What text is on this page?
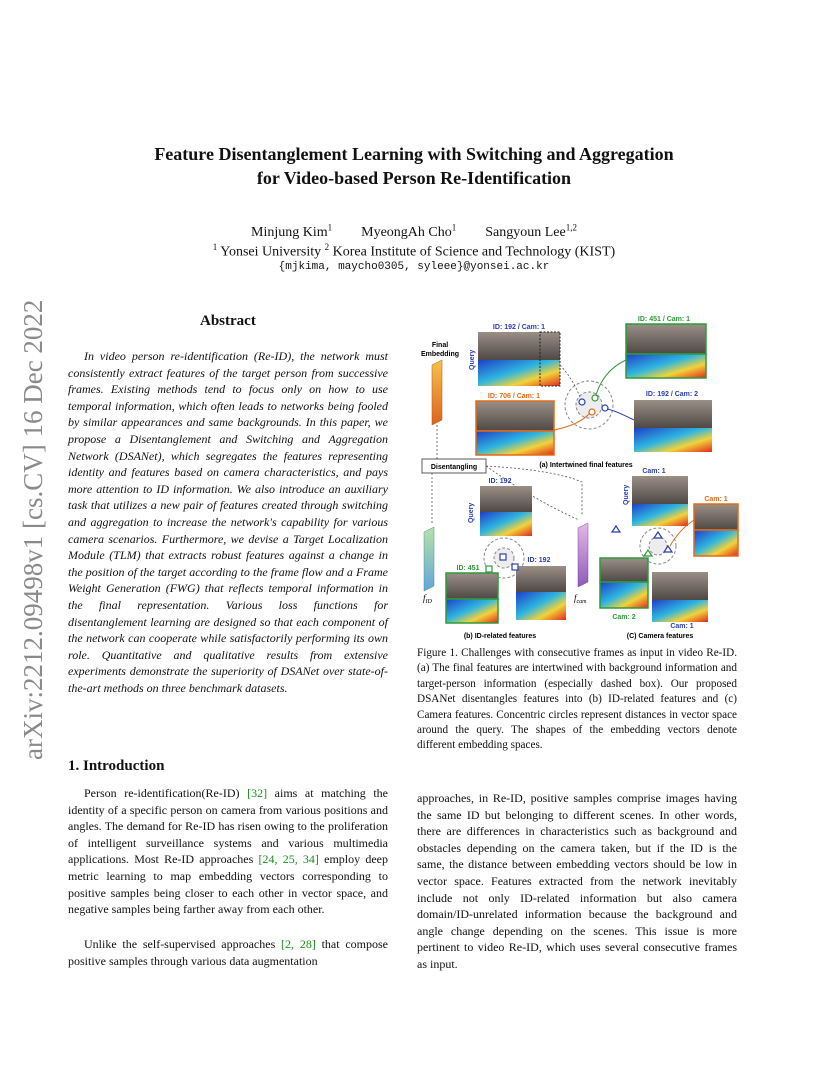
arXiv:2212.09498v1 [cs.CV] 16 Dec 2022
Feature Disentanglement Learning with Switching and Aggregation
for Video-based Person Re-Identification
Minjung Kim$^1$ MyeongAh Cho$^1$ Sangyoun Lee$^{1,2}$
$^1$ Yonsei University $^2$ Korea Institute of Science and Technology (KIST)
{mjkima, maycho0305, syleee}@yonsei.ac.kr
Abstract
In video person re-identification (Re-ID), the network must consistently extract features of the target person from successive frames. Existing methods tend to focus only on how to use temporal information, which often leads to networks being fooled by similar appearances and same backgrounds. In this paper, we propose a Disentanglement and Switching and Aggregation Network (DSANet), which segregates the features representing identity and features based on camera characteristics, and pays more attention to ID information. We also introduce an auxiliary task that utilizes a new pair of features created through switching and aggregation to increase the network's capability for various camera scenarios. Furthermore, we devise a Target Localization Module (TLM) that extracts robust features against a change in the position of the target according to the frame flow and a Frame Weight Generation (FWG) that reflects temporal information in the final representation. Various loss functions for disentanglement learning are designed so that each component of the network can cooperate while satisfactorily performing its own role. Quantitative and qualitative results from extensive experiments demonstrate the superiority of DSANet over state-of-the-art methods on three benchmark datasets.
1. Introduction
Person re-identification(Re-ID) [32] aims at matching the identity of a specific person on camera from various positions and angles. The demand for Re-ID has risen owing to the proliferation of intelligent surveillance systems and various multimedia applications. Most Re-ID approaches [24, 25, 34] employ deep metric learning to map embedding vectors corresponding to positive samples being closer to each other in vector space, and negative samples being farther away from each other.
Unlike the self-supervised approaches [2, 28] that compose positive samples through various data augmentation
approaches, in Re-ID, positive samples comprise images having the same ID but belonging to different scenes. In other words, there are differences in characteristics such as background and obstacles depending on the camera taken, but if the ID is the same, the distance between embedding vectors should be low in vector space. Features extracted from the network inevitably include not only ID-related information but also camera domain/ID-unrelated information because the background and angle change depending on the scenes. This issue is more pertinent to video Re-ID, which uses several consecutive frames as input.
Figure 1. Challenges with consecutive frames as input in video Re-ID. (a) The final features are intertwined with background information and target-person information (especially dashed box). Our proposed DSANet disentangles features into (b) ID-related features and (c) Camera features. Concentric circles represent distances in vector space around the query. The shapes of the embedding vectors denote different embedding spaces.
Final
Embedding Query
ID: 192 / Cam: 1
ID: 451 / Cam: 1
ID: 706 / Cam: 1	ID: 192 / Cam: 2
(a) Intertwined final features
Disentangling
$f_{ID}$
Query
ID: 192
ID: 451
ID: 192
(b) ID-related features
$f_{cam}$
Query
Cam: 1
Cam: 1
Cam: 2
Cam: 1
(C) Camera features
